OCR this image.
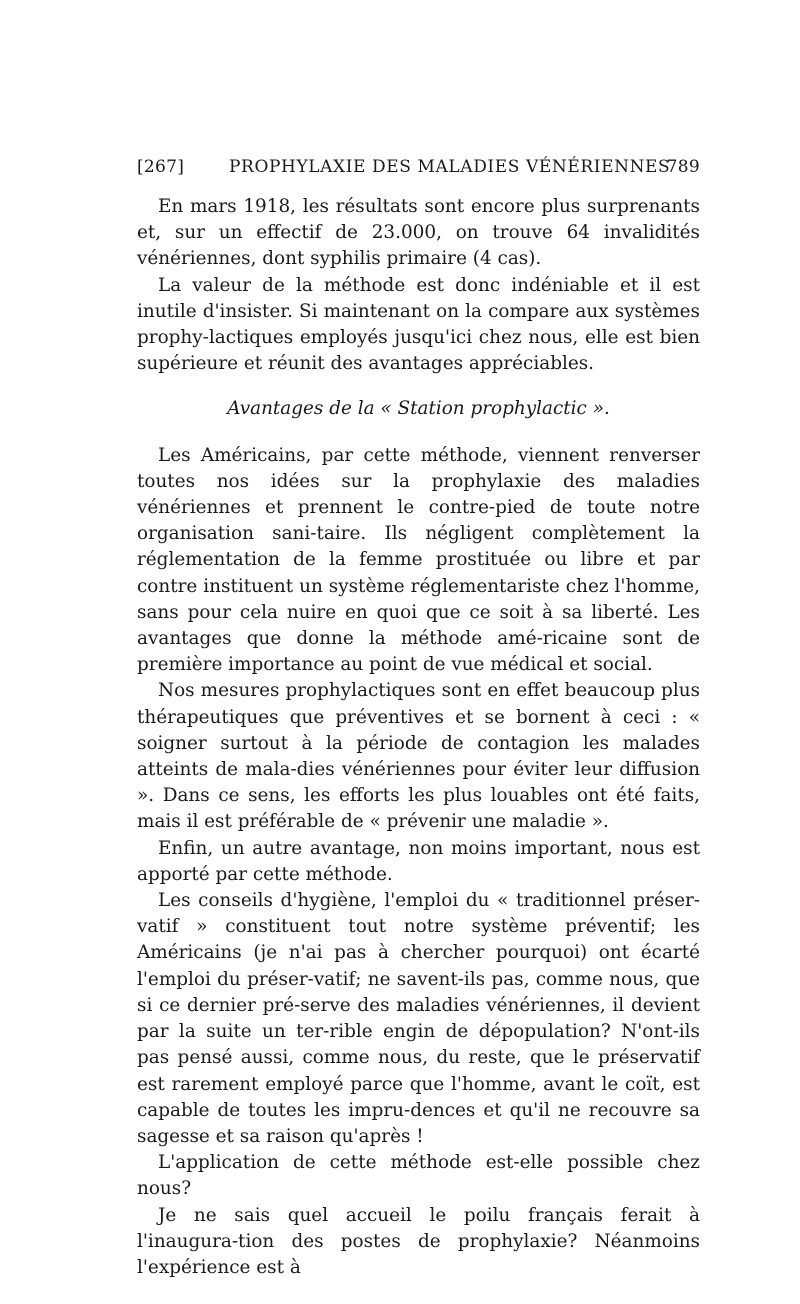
[267]	PROPHYLAXIE DES MALADIES VÉNÉRIENNES
789

En mars 1918, les résultats sont encore plus surprenants et, sur un effectif de 23.000, on trouve 64 invalidités vénériennes, dont syphilis primaire (4 cas).

La valeur de la méthode est donc indéniable et il est inutile d'insister. Si maintenant on la compare aux systèmes prophy-lactiques employés jusqu'ici chez nous, elle est bien supérieure et réunit des avantages appréciables.

Avantages de la « Station prophylactic ».

Les Américains, par cette méthode, viennent renverser toutes nos idées sur la prophylaxie des maladies vénériennes et prennent le contre-pied de toute notre organisation sani-taire. Ils négligent complètement la réglementation de la femme prostituée ou libre et par contre instituent un système réglementariste chez l'homme, sans pour cela nuire en quoi que ce soit à sa liberté. Les avantages que donne la méthode amé-ricaine sont de première importance au point de vue médical et social.

Nos mesures prophylactiques sont en effet beaucoup plus thérapeutiques que préventives et se bornent à ceci : « soigner surtout à la période de contagion les malades atteints de mala-dies vénériennes pour éviter leur diffusion ». Dans ce sens, les efforts les plus louables ont été faits, mais il est préférable de « prévenir une maladie ».

Enfin, un autre avantage, non moins important, nous est apporté par cette méthode.

Les conseils d'hygiène, l'emploi du « traditionnel préser-vatif » constituent tout notre système préventif; les Américains (je n'ai pas à chercher pourquoi) ont écarté l'emploi du préser-vatif; ne savent-ils pas, comme nous, que si ce dernier pré-serve des maladies vénériennes, il devient par la suite un ter-rible engin de dépopulation? N'ont-ils pas pensé aussi, comme nous, du reste, que le préservatif est rarement employé parce que l'homme, avant le coït, est capable de toutes les impru-dences et qu'il ne recouvre sa sagesse et sa raison qu'après !

L'application de cette méthode est-elle possible chez nous?

Je ne sais quel accueil le poilu français ferait à l'inaugura-tion des postes de prophylaxie? Néanmoins l'expérience est à
